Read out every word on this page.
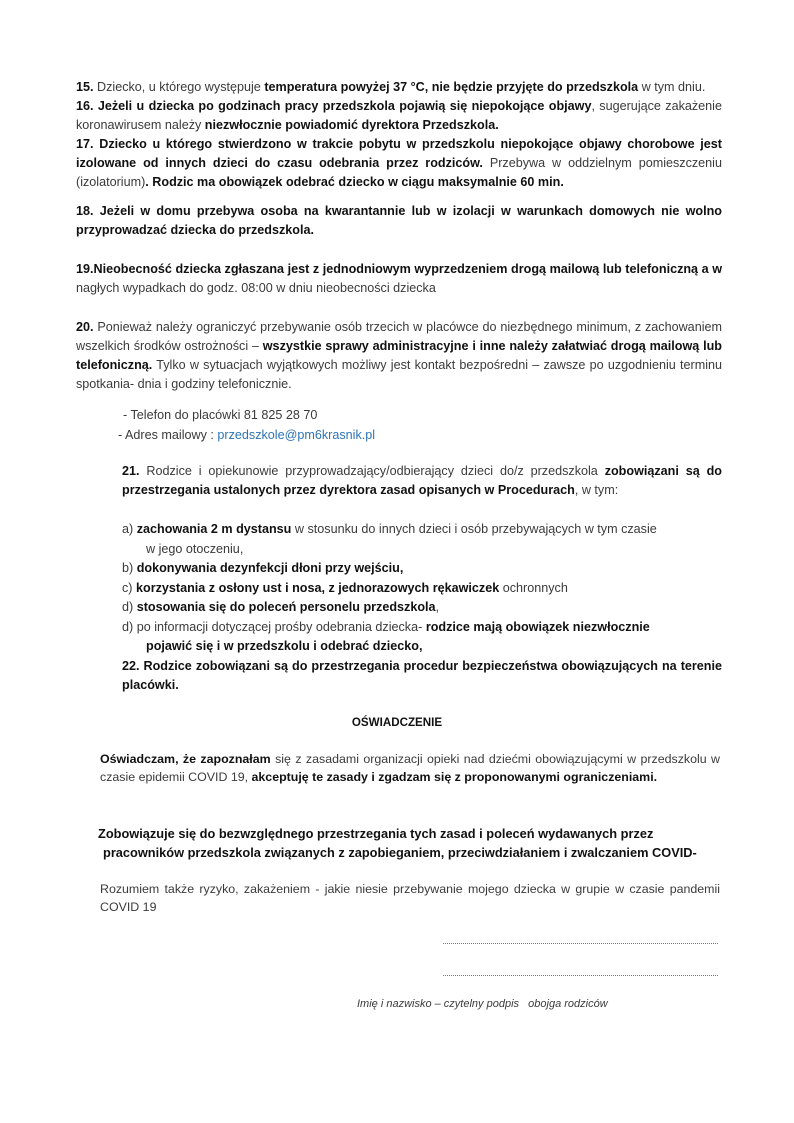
15. Dziecko, u którego występuje temperatura powyżej 37 °C, nie będzie przyjęte do przedszkola w tym dniu.

16. Jeżeli u dziecka po godzinach pracy przedszkola pojawią się niepokojące objawy, sugerujące zakażenie koronawirusem należy niezwłocznie powiadomić dyrektora Przedszkola.

17. Dziecko u którego stwierdzono w trakcie pobytu w przedszkolu niepokojące objawy chorobowe jest izolowane od innych dzieci do czasu odebrania przez rodziców. Przebywa w oddzielnym pomieszczeniu (izolatorium). Rodzic ma obowiązek odebrać dziecko w ciągu maksymalnie 60 min.

18. Jeżeli w domu przebywa osoba na kwarantannie lub w izolacji w warunkach domowych nie wolno przyprowadzać dziecka do przedszkola.

19.Nieobecność dziecka zgłaszana jest z jednodniowym wyprzedzeniem drogą mailową lub telefoniczną a w nagłych wypadkach do godz. 08:00 w dniu nieobecności dziecka

20. Ponieważ należy ograniczyć przebywanie osób trzecich w placówce do niezbędnego minimum, z zachowaniem wszelkich środków ostrożności – wszystkie sprawy administracyjne i inne należy załatwiać drogą mailową lub telefoniczną. Tylko w sytuacjach wyjątkowych możliwy jest kontakt bezpośredni – zawsze po uzgodnieniu terminu spotkania- dnia i godziny telefonicznie.

- Telefon do placówki 81 825 28 70

- Adres mailowy : przedszkole@pm6krasnik.pl

21. Rodzice i opiekunowie przyprowadzający/odbierający dzieci do/z przedszkola zobowiązani są do przestrzegania ustalonych przez dyrektora zasad opisanych w Procedurach, w tym:

a) zachowania 2 m dystansu w stosunku do innych dzieci i osób przebywających w tym czasie
w jego otoczeniu,
b) dokonywania dezynfekcji dłoni przy wejściu,
c) korzystania z osłony ust i nosa, z jednorazowych rękawiczek ochronnych
d) stosowania się do poleceń personelu przedszkola,
d) po informacji dotyczącej prośby odebrania dziecka- rodzice mają obowiązek niezwłocznie
pojawić się i w przedszkolu i odebrać dziecko,

22. Rodzice zobowiązani są do przestrzegania procedur bezpieczeństwa obowiązujących na terenie placówki.

OŚWIADCZENIE

Oświadczam, że zapoznałam się z zasadami organizacji opieki nad dziećmi obowiązującymi w przedszkolu w czasie epidemii COVID 19, akceptuję te zasady i zgadzam się z proponowanymi ograniczeniami.

Zobowiązuje się do bezwzględnego przestrzegania tych zasad i poleceń wydawanych przez
pracowników przedszkola związanych z zapobieganiem, przeciwdziałaniem i zwalczaniem COVID-

Rozumiem także ryzyko, zakażeniem - jakie niesie przebywanie mojego dziecka w grupie w czasie pandemii COVID 19

Imię i nazwisko – czytelny podpis   obojga rodziców
